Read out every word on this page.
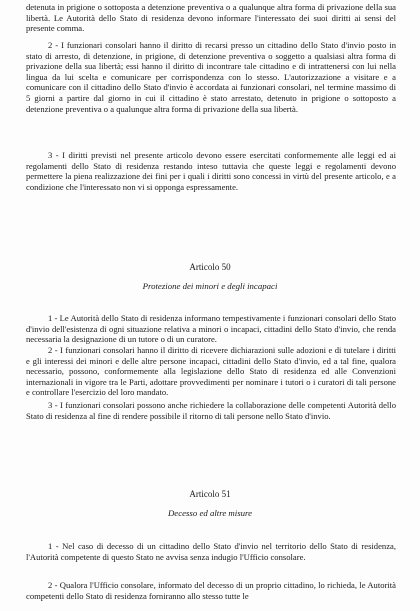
detenuta in prigione o sottoposta a detenzione preventiva o a qualunque altra forma di privazione della sua libertà. Le Autorità dello Stato di residenza devono informare l'interessato dei suoi diritti ai sensi del presente comma.

2 - I funzionari consolari hanno il diritto di recarsi presso un cittadino dello Stato d'invio posto in stato di arresto, di detenzione, in prigione, di detenzione preventiva o soggetto a qualsiasi altra forma di privazione della sua libertà; essi hanno il diritto di incontrare tale cittadino e di intrattenersi con lui nella lingua da lui scelta e comunicare per corrispondenza con lo stesso. L'autorizzazione a visitare e a comunicare con il cittadino dello Stato d'invio è accordata ai funzionari consolari, nel termine massimo di 5 giorni a partire dal giorno in cui il cittadino è stato arrestato, detenuto in prigione o sottoposto a detenzione preventiva o a qualunque altra forma di privazione della sua libertà.

3 - I diritti previsti nel presente articolo devono essere esercitati conformemente alle leggi ed ai regolamenti dello Stato di residenza restando inteso tuttavia che queste leggi e regolamenti devono permettere la piena realizzazione dei fini per i quali i diritti sono concessi in virtù del presente articolo, e a condizione che l'interessato non vi si opponga espressamente.

Articolo 50

Protezione dei minori e degli incapaci

1 - Le Autorità dello Stato di residenza informano tempestivamente i funzionari consolari dello Stato d'invio dell'esistenza di ogni situazione relativa a minori o incapaci, cittadini dello Stato d'invio, che renda necessaria la designazione di un tutore o di un curatore.

2 - I funzionari consolari hanno il diritto di ricevere dichiarazioni sulle adozioni e di tutelare i diritti e gli interessi dei minori e delle altre persone incapaci, cittadini dello Stato d'invio, ed a tal fine, qualora necessario, possono, conformemente alla legislazione dello Stato di residenza ed alle Convenzioni internazionali in vigore tra le Parti, adottare provvedimenti per nominare i tutori o i curatori di tali persone e controllare l'esercizio del loro mandato.

3 - I funzionari consolari possono anche richiedere la collaborazione delle competenti Autorità dello Stato di residenza al fine di rendere possibile il ritorno di tali persone nello Stato d'invio.

Articolo 51

Decesso ed altre misure

1 - Nel caso di decesso di un cittadino dello Stato d'invio nel territorio dello Stato di residenza, l'Autorità competente di questo Stato ne avvisa senza indugio l'Ufficio consolare.

2 - Qualora l'Ufficio consolare, informato del decesso di un proprio cittadino, lo richieda, le Autorità competenti dello Stato di residenza forniranno allo stesso tutte le
